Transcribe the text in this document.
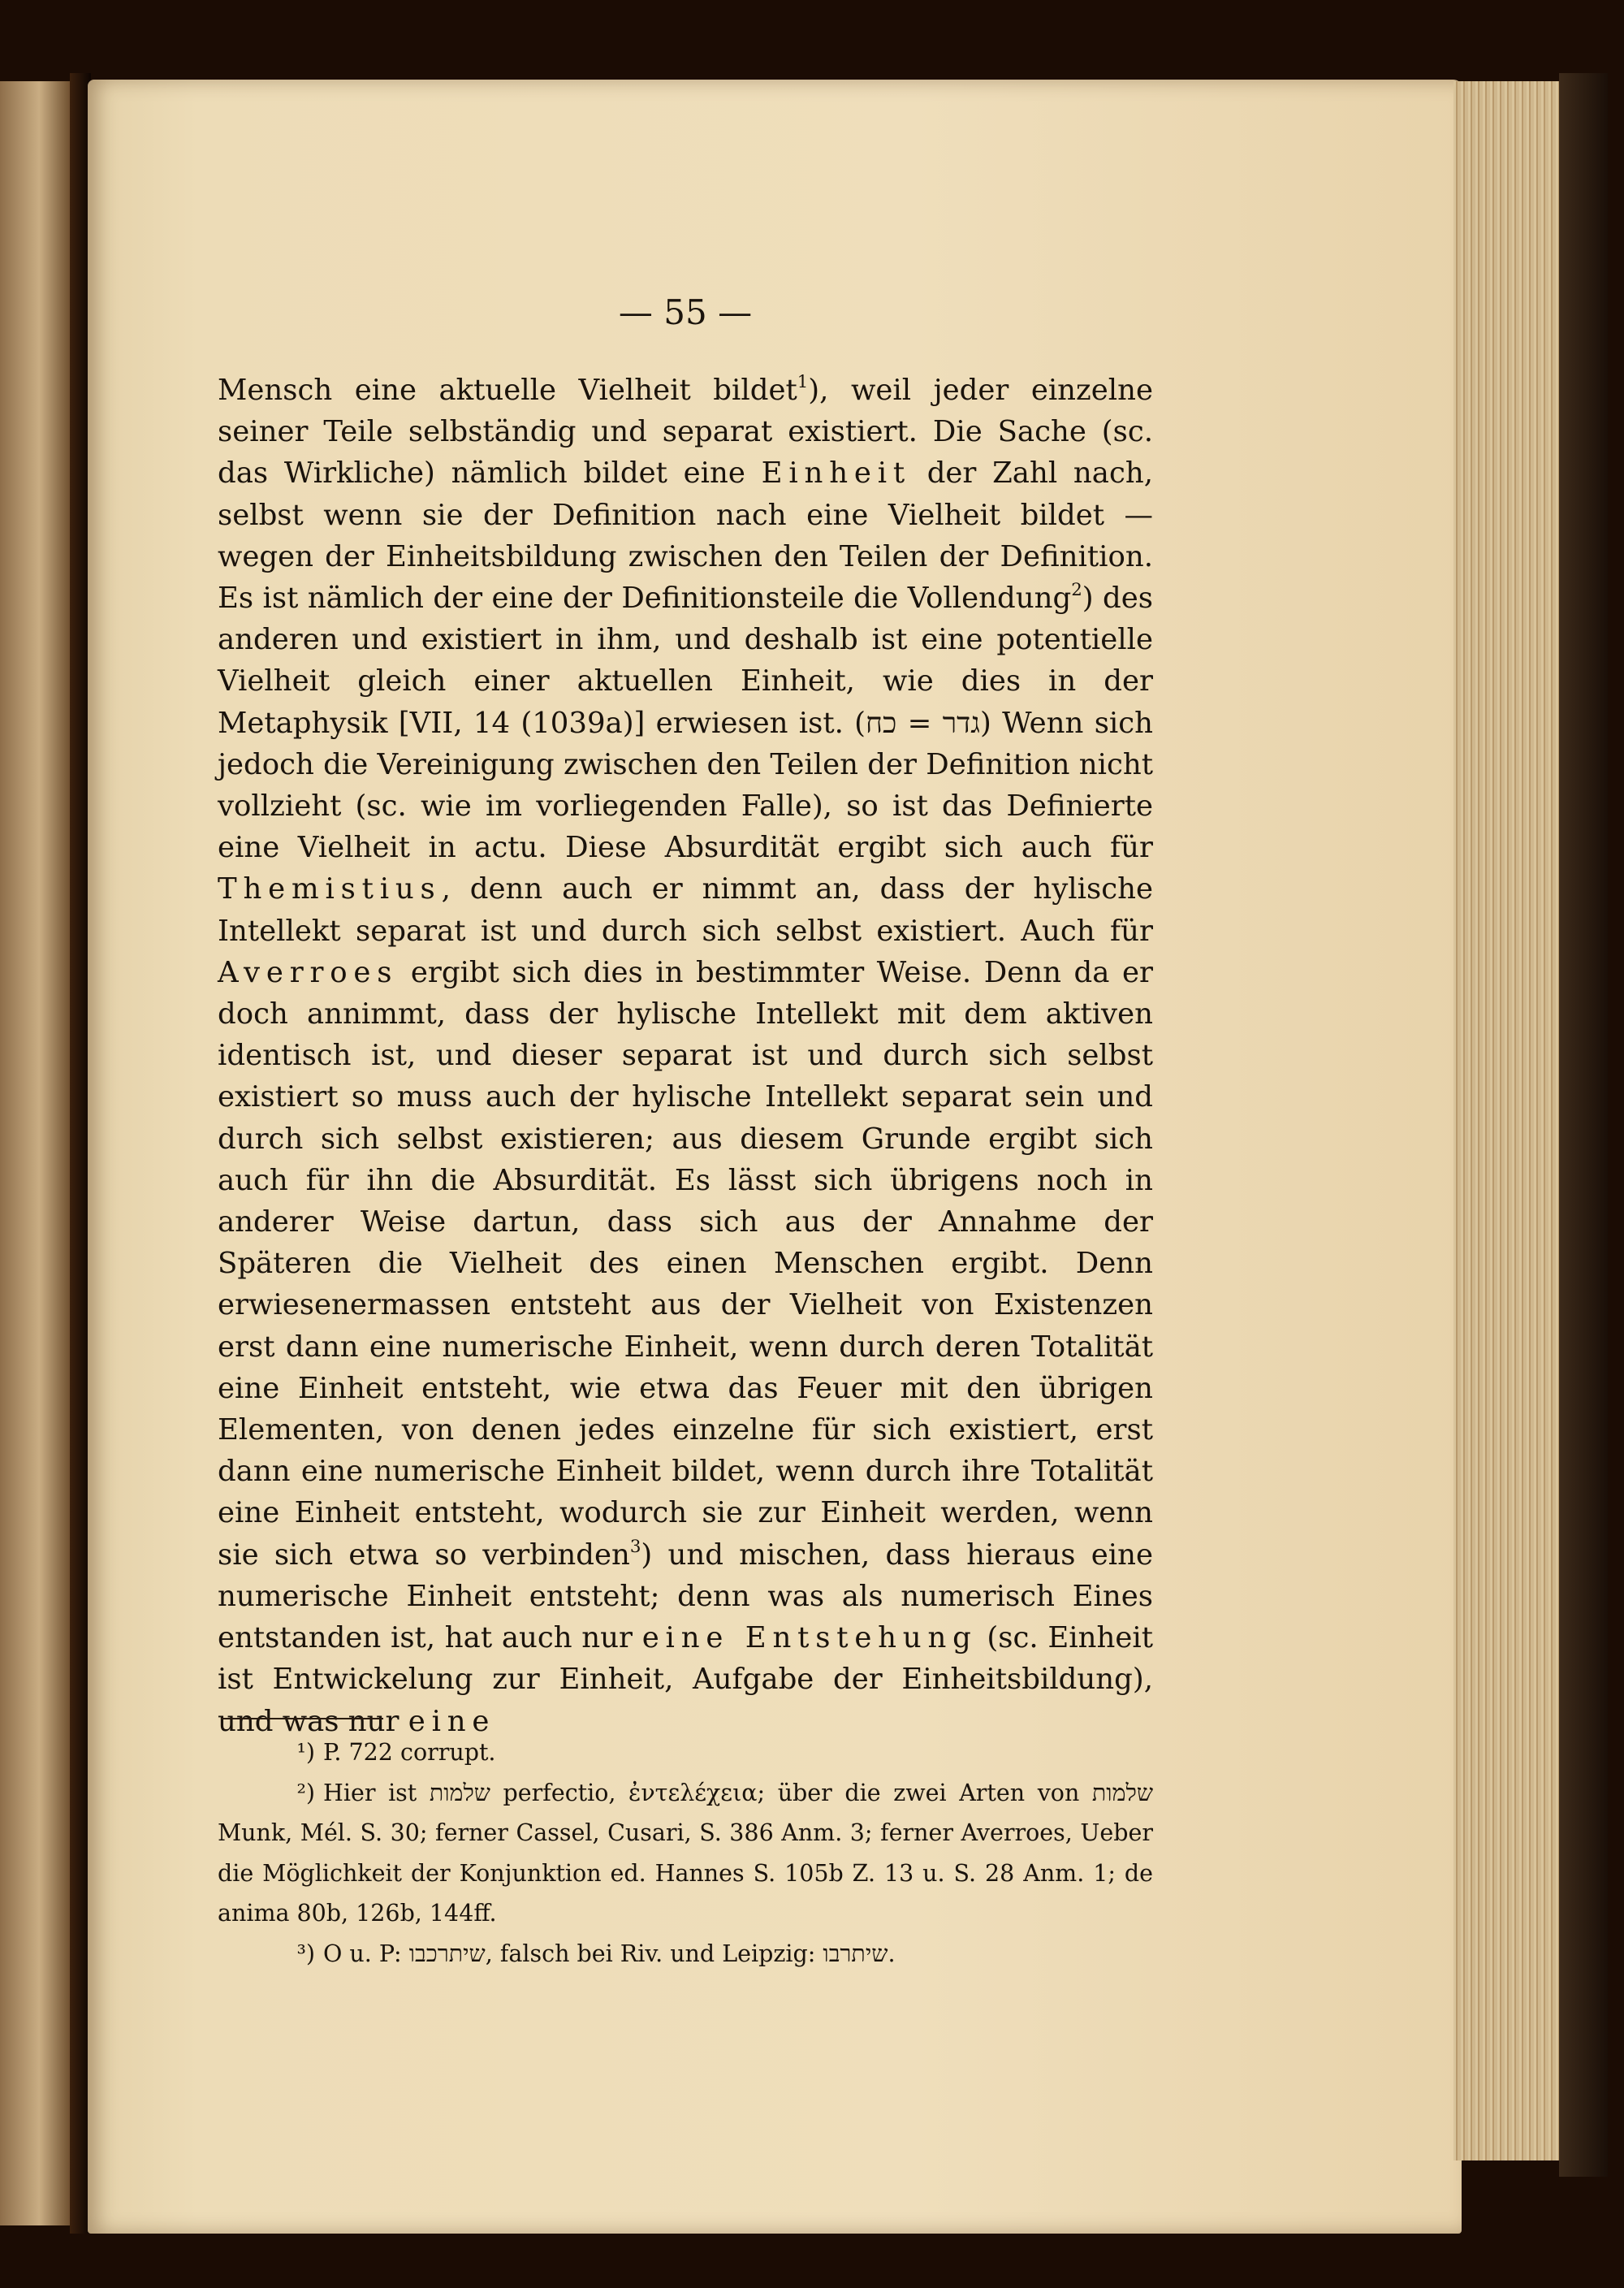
— 55 —

Mensch eine aktuelle Vielheit bildet$^1$), weil jeder einzelne seiner Teile selbständig und separat existiert. Die Sache (sc. das Wirkliche) nämlich bildet eine Einheit der Zahl nach, selbst wenn sie der Definition nach eine Vielheit bildet — wegen der Einheitsbildung zwischen den Teilen der Definition. Es ist nämlich der eine der Definitionsteile die Vollendung$^2$) des anderen und existiert in ihm, und deshalb ist eine potentielle Vielheit gleich einer aktuellen Einheit, wie dies in der Metaphysik [VII, 14 (1039a)] erwiesen ist. (גדר = כח) Wenn sich jedoch die Vereinigung zwischen den Teilen der Definition nicht vollzieht (sc. wie im vorliegenden Falle), so ist das Definierte eine Vielheit in actu. Diese Absurdität ergibt sich auch für Themistius, denn auch er nimmt an, dass der hylische Intellekt separat ist und durch sich selbst existiert. Auch für Averroes ergibt sich dies in bestimmter Weise. Denn da er doch annimmt, dass der hylische Intellekt mit dem aktiven identisch ist, und dieser separat ist und durch sich selbst existiert so muss auch der hylische Intellekt separat sein und durch sich selbst existieren; aus diesem Grunde ergibt sich auch für ihn die Absurdität. Es lässt sich übrigens noch in anderer Weise dartun, dass sich aus der Annahme der Späteren die Vielheit des einen Menschen ergibt. Denn erwiesenermassen entsteht aus der Vielheit von Existenzen erst dann eine numerische Einheit, wenn durch deren Totalität eine Einheit entsteht, wie etwa das Feuer mit den übrigen Elementen, von denen jedes einzelne für sich existiert, erst dann eine numerische Einheit bildet, wenn durch ihre Totalität eine Einheit entsteht, wodurch sie zur Einheit werden, wenn sie sich etwa so verbinden$^3$) und mischen, dass hieraus eine numerische Einheit entsteht; denn was als numerisch Eines entstanden ist, hat auch nur eine Entstehung (sc. Einheit ist Entwickelung zur Einheit, Aufgabe der Einheitsbildung), und was nur eine

¹)P. 722 corrupt.

²)Hier ist שלמות perfectio, ἐντελέχεια; über die zwei Arten von שלמות Munk, Mél. S. 30; ferner Cassel, Cusari, S. 386 Anm. 3; ferner Averroes, Ueber die Möglichkeit der Konjunktion ed. Hannes S. 105b Z. 13 u. S. 28 Anm. 1; de anima 80b, 126b, 144ff.

³)O u. P: שיתרכבו, falsch bei Riv. und Leipzig: שיתרבו.
